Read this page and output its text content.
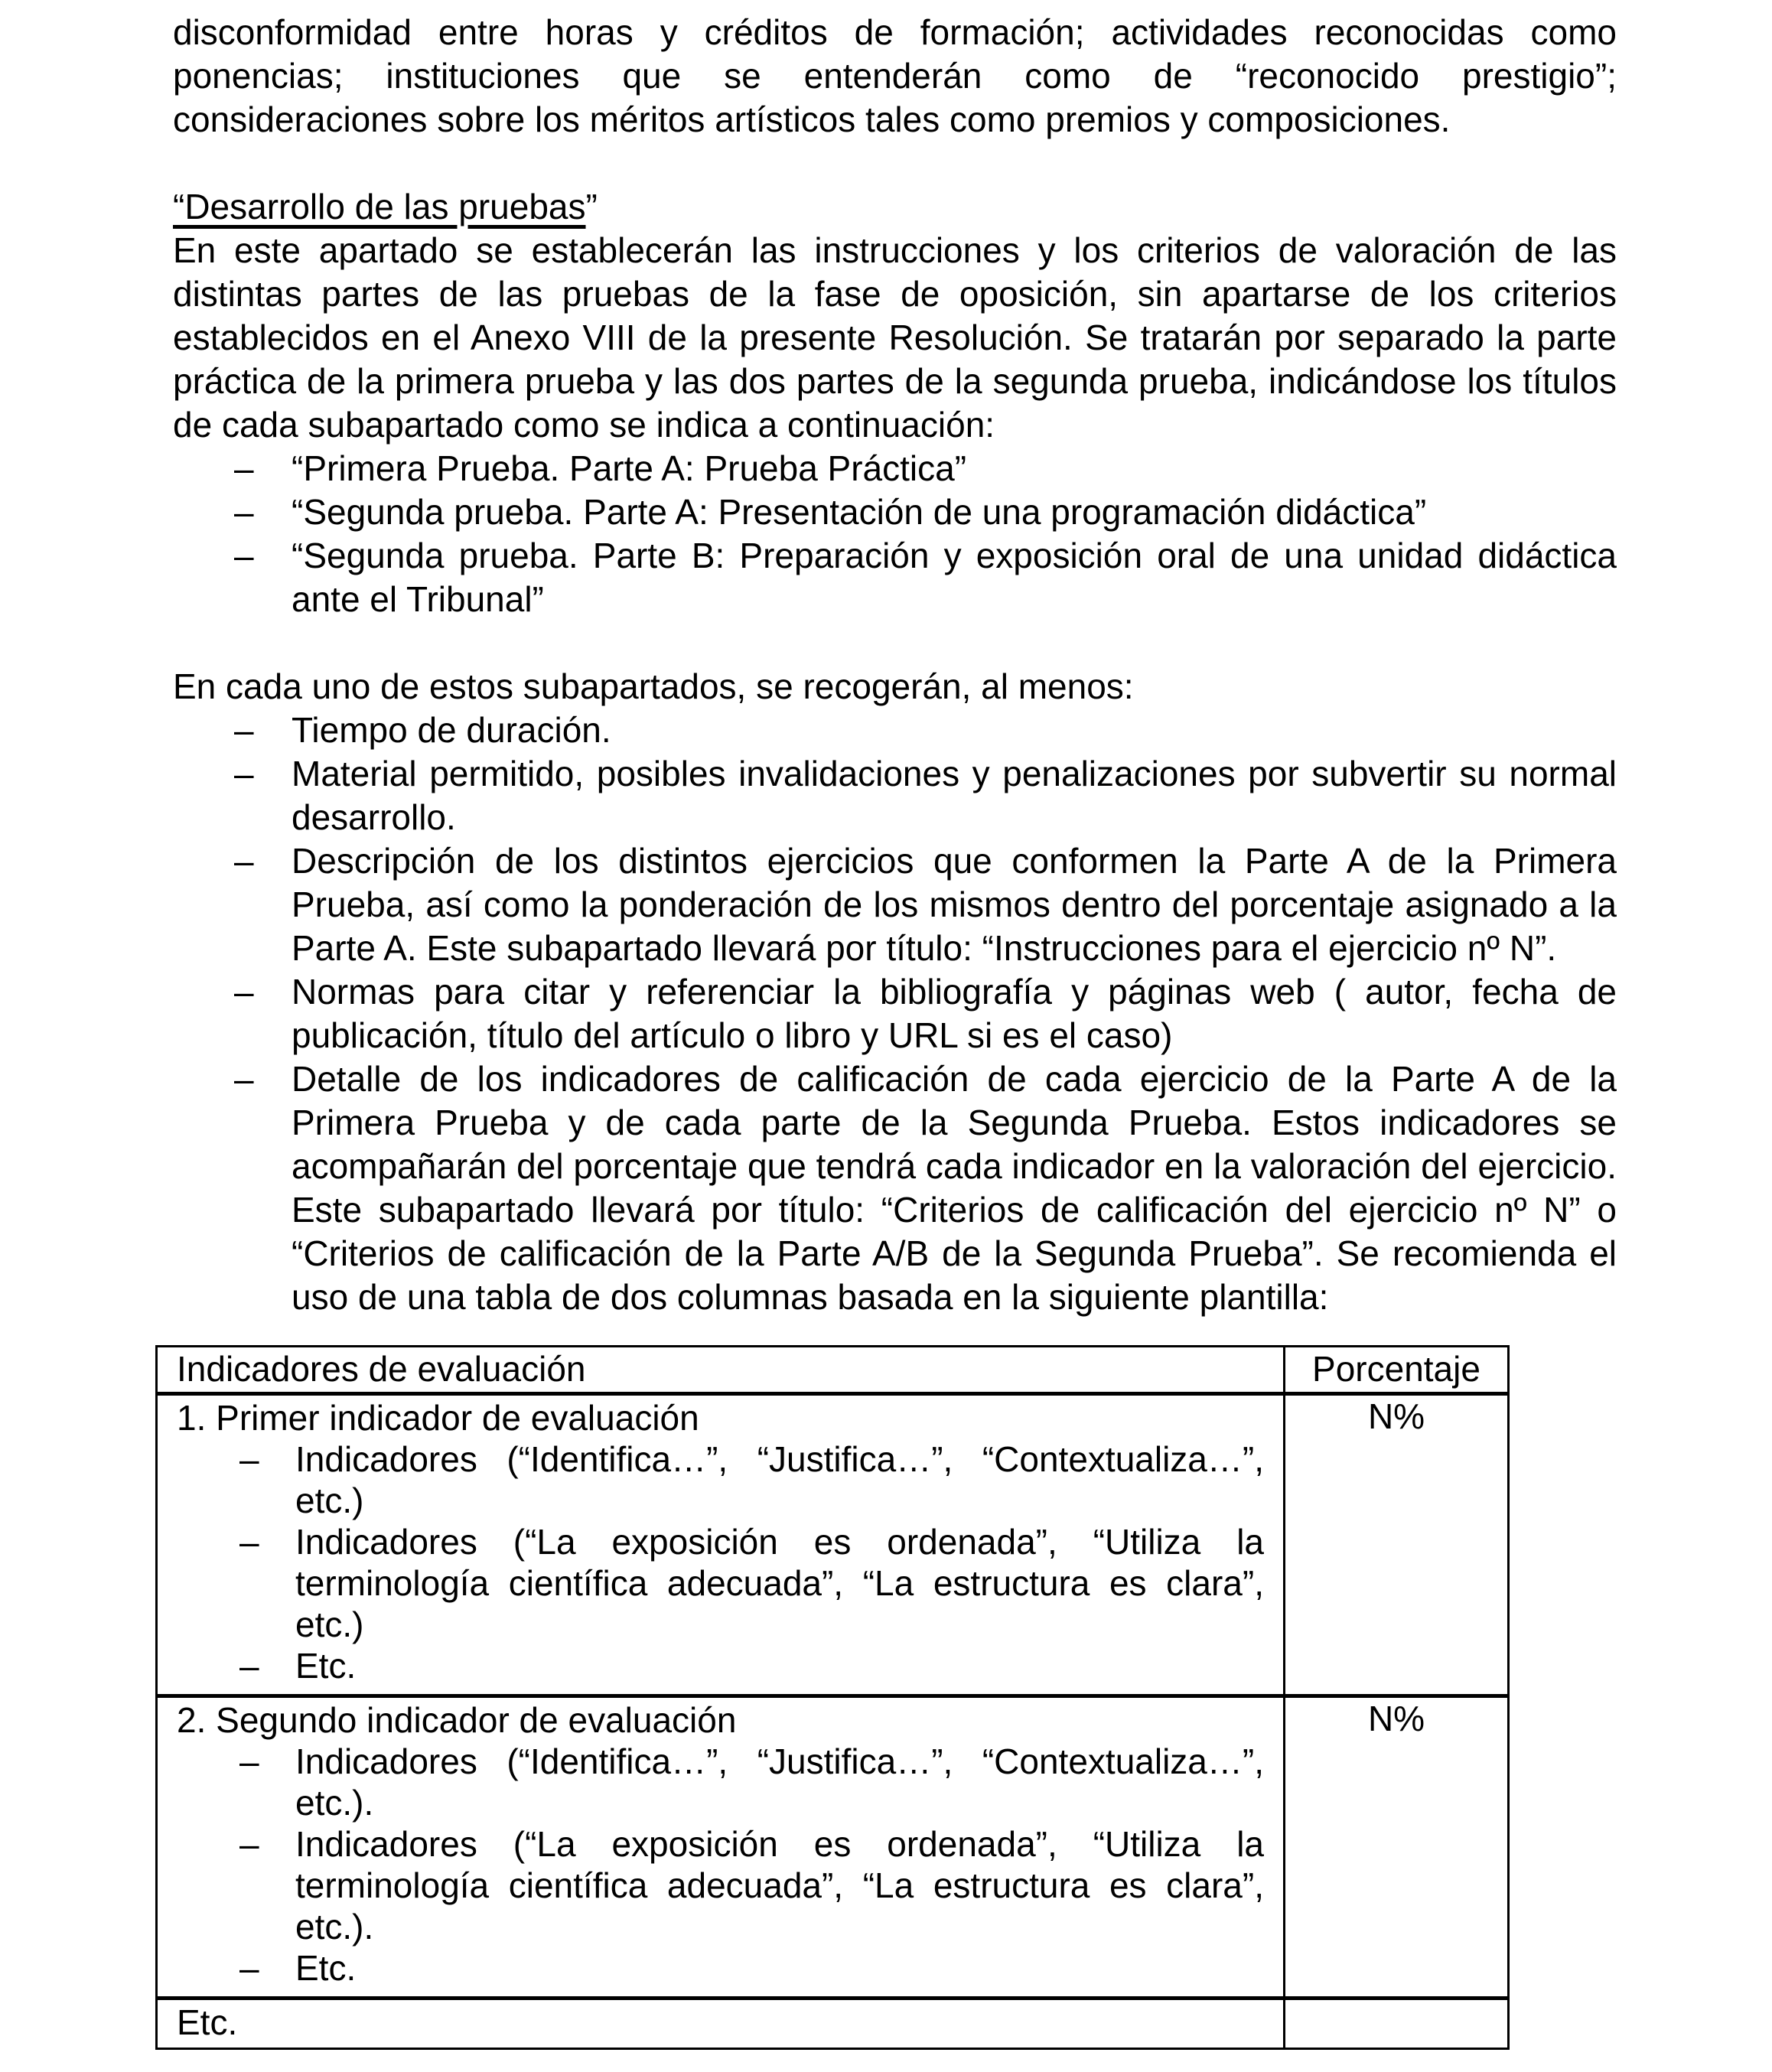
disconformidad entre horas y créditos de formación; actividades reconocidas como ponencias; instituciones que se entenderán como de “reconocido prestigio”; consideraciones sobre los méritos artísticos tales como premios y composiciones.

“Desarrollo de las pruebas”

En este apartado se establecerán las instrucciones y los criterios de valoración de las distintas partes de las pruebas de la fase de oposición, sin apartarse de los criterios establecidos en el Anexo VIII de la presente Resolución. Se tratarán por separado la parte práctica de la primera prueba y las dos partes de la segunda prueba, indicándose los títulos de cada subapartado como se indica a continuación:

– “Primera Prueba. Parte A: Prueba Práctica”
– “Segunda prueba. Parte A: Presentación de una programación didáctica”
– “Segunda prueba. Parte B: Preparación y exposición oral de una unidad didáctica ante el Tribunal”

En cada uno de estos subapartados, se recogerán, al menos:

– Tiempo de duración.
– Material permitido, posibles invalidaciones y penalizaciones por subvertir su normal desarrollo.
– Descripción de los distintos ejercicios que conformen la Parte A de la Primera Prueba, así como la ponderación de los mismos dentro del porcentaje asignado a la Parte A. Este subapartado llevará por título: “Instrucciones para el ejercicio nº N”.
– Normas para citar y referenciar la bibliografía y páginas web ( autor, fecha de publicación, título del artículo o libro y URL si es el caso)
– Detalle de los indicadores de calificación de cada ejercicio de la Parte A de la Primera Prueba y de cada parte de la Segunda Prueba. Estos indicadores se acompañarán del porcentaje que tendrá cada indicador en la valoración del ejercicio. Este subapartado llevará por título: “Criterios de calificación del ejercicio nº N” o “Criterios de calificación de la Parte A/B de la Segunda Prueba”. Se recomienda el uso de una tabla de dos columnas basada en la siguiente plantilla:
Indicadores de evaluación	Porcentaje

1. Primer indicador de evaluación
– Indicadores (“Identifica…”, “Justifica…”, “Contextualiza…”, etc.)
– Indicadores (“La exposición es ordenada”, “Utiliza la terminología científica adecuada”, “La estructura es clara”, etc.)
– Etc.
	N%

2. Segundo indicador de evaluación
– Indicadores (“Identifica…”, “Justifica…”, “Contextualiza…”, etc.).
– Indicadores (“La exposición es ordenada”, “Utiliza la terminología científica adecuada”, “La estructura es clara”, etc.).
– Etc.
	N%
Etc.	
